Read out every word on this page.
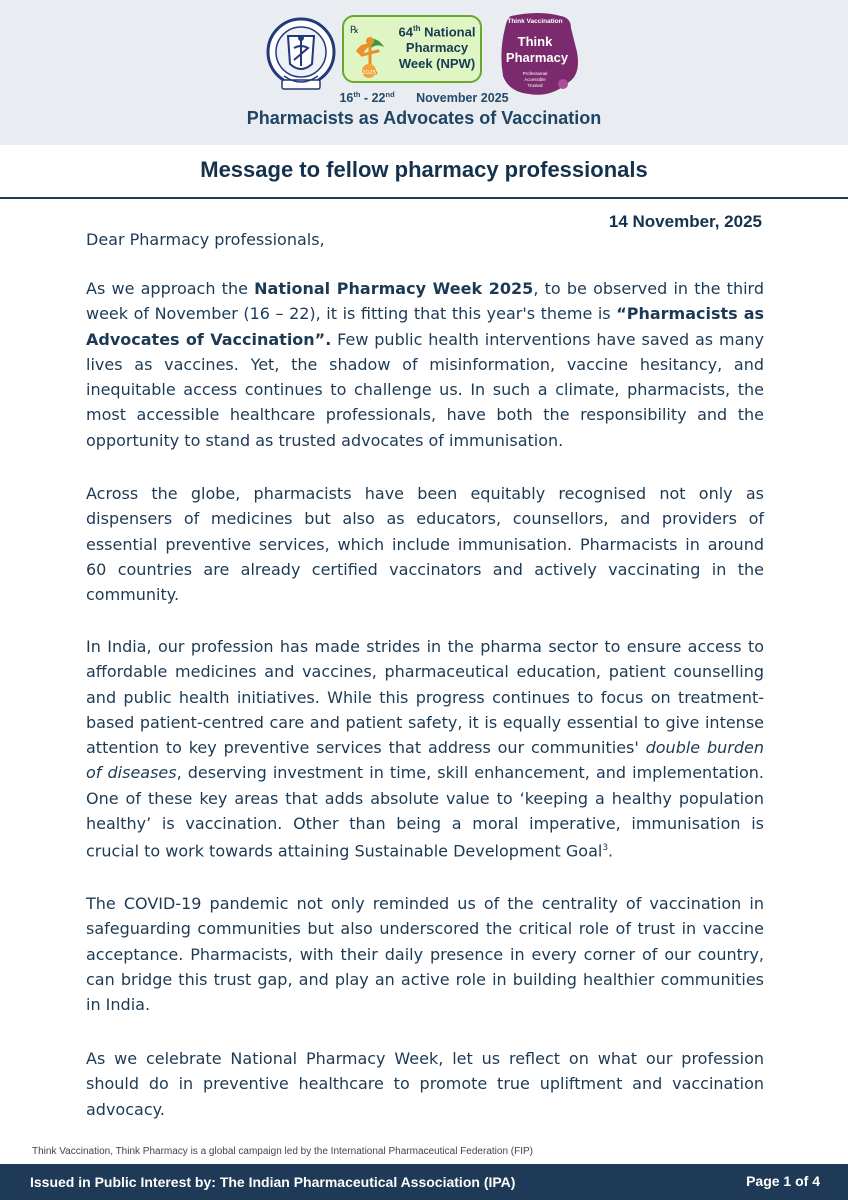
℞
2025
64th National
Pharmacy
Week (NPW)
Think Vaccination
Think
Pharmacy
Professional
Accessible
Trusted
16th - 22nd November 2025
Pharmacists as Advocates of Vaccination
Message to fellow pharmacy professionals
14 November, 2025
Dear Pharmacy professionals,
As we approach the National Pharmacy Week 2025, to be observed in the third week of November (16 – 22), it is fitting that this year's theme is “Pharmacists as Advocates of Vaccination”. Few public health interventions have saved as many lives as vaccines. Yet, the shadow of misinformation, vaccine hesitancy, and inequitable access continues to challenge us. In such a climate, pharmacists, the most accessible healthcare professionals, have both the responsibility and the opportunity to stand as trusted advocates of immunisation.
Across the globe, pharmacists have been equitably recognised not only as dispensers of medicines but also as educators, counsellors, and providers of essential preventive services, which include immunisation. Pharmacists in around 60 countries are already certified vaccinators and actively vaccinating in the community.
In India, our profession has made strides in the pharma sector to ensure access to affordable medicines and vaccines, pharmaceutical education, patient counselling and public health initiatives. While this progress continues to focus on treatment-based patient-centred care and patient safety, it is equally essential to give intense attention to key preventive services that address our communities' double burden of diseases, deserving investment in time, skill enhancement, and implementation. One of these key areas that adds absolute value to ‘keeping a healthy population healthy’ is vaccination. Other than being a moral imperative, immunisation is crucial to work towards attaining Sustainable Development Goal$^3$.
The COVID-19 pandemic not only reminded us of the centrality of vaccination in safeguarding communities but also underscored the critical role of trust in vaccine acceptance. Pharmacists, with their daily presence in every corner of our country, can bridge this trust gap, and play an active role in building healthier communities in India.
As we celebrate National Pharmacy Week, let us reflect on what our profession should do in preventive healthcare to promote true upliftment and vaccination advocacy.
Think Vaccination, Think Pharmacy is a global campaign led by the International Pharmaceutical Federation (FIP)
Issued in Public Interest by: The Indian Pharmaceutical Association (IPA)	Page 1 of 4
